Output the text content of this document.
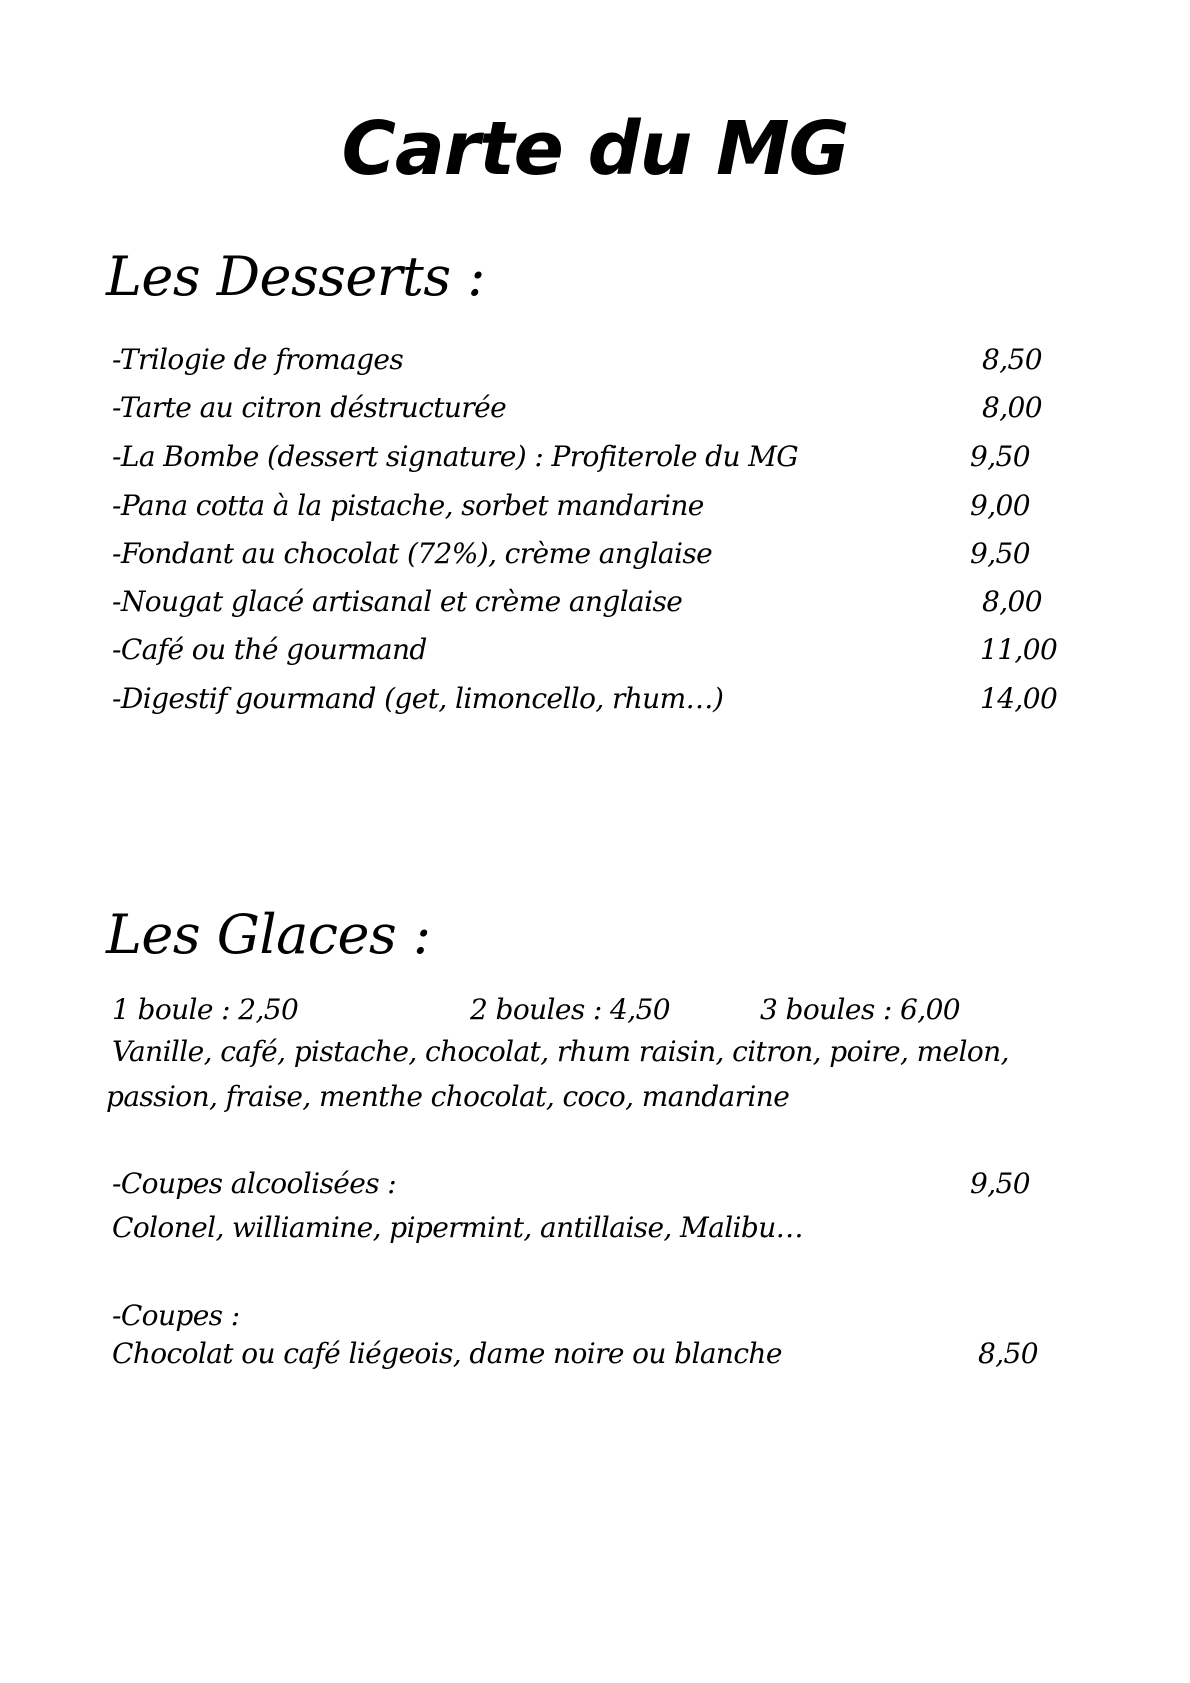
Carte du MG
Les Desserts :
-Trilogie de fromages	8,50
-Tarte au citron déstructurée	8,00
-La Bombe (dessert signature) : Profiterole du MG	9,50
-Pana cotta à la pistache, sorbet mandarine	9,00
-Fondant au chocolat (72%), crème anglaise	9,50
-Nougat glacé artisanal et crème anglaise	8,00
-Café ou thé gourmand	11,00
-Digestif gourmand (get, limoncello, rhum…)	14,00
Les Glaces :
1 boule : 2,50	2 boules : 4,50	3 boules : 6,00
Vanille, café, pistache, chocolat, rhum raisin, citron, poire, melon,
passion, fraise, menthe chocolat, coco, mandarine
-Coupes alcoolisées :	9,50
Colonel, williamine, pipermint, antillaise, Malibu…
-Coupes :
Chocolat ou café liégeois, dame noire ou blanche	8,50
